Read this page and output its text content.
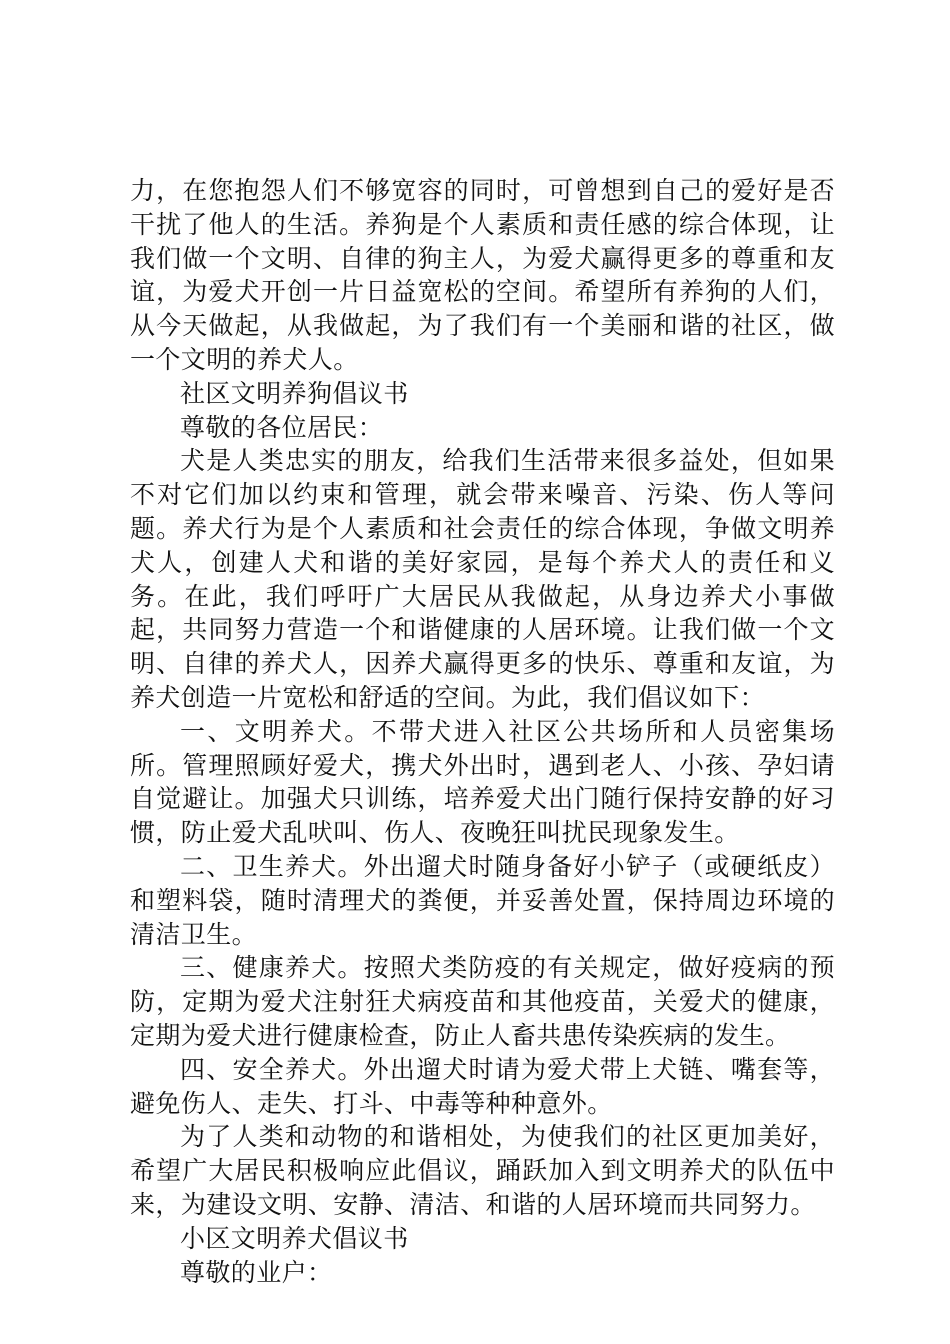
力，在您抱怨人们不够宽容的同时，可曾想到自己的爱好是否干扰了他人的生活。养狗是个人素质和责任感的综合体现，让我们做一个文明、自律的狗主人，为爱犬赢得更多的尊重和友谊，为爱犬开创一片日益宽松的空间。希望所有养狗的人们，从今天做起，从我做起，为了我们有一个美丽和谐的社区，做一个文明的养犬人。

社区文明养狗倡议书

尊敬的各位居民：

犬是人类忠实的朋友，给我们生活带来很多益处，但如果不对它们加以约束和管理，就会带来噪音、污染、伤人等问题。养犬行为是个人素质和社会责任的综合体现，争做文明养犬人，创建人犬和谐的美好家园，是每个养犬人的责任和义务。在此，我们呼吁广大居民从我做起，从身边养犬小事做起，共同努力营造一个和谐健康的人居环境。让我们做一个文明、自律的养犬人，因养犬赢得更多的快乐、尊重和友谊，为养犬创造一片宽松和舒适的空间。为此，我们倡议如下：

一、文明养犬。不带犬进入社区公共场所和人员密集场所。管理照顾好爱犬，携犬外出时，遇到老人、小孩、孕妇请自觉避让。加强犬只训练，培养爱犬出门随行保持安静的好习惯，防止爱犬乱吠叫、伤人、夜晚狂叫扰民现象发生。

二、卫生养犬。外出遛犬时随身备好小铲子（或硬纸皮）和塑料袋，随时清理犬的粪便，并妥善处置，保持周边环境的清洁卫生。

三、健康养犬。按照犬类防疫的有关规定，做好疫病的预防，定期为爱犬注射狂犬病疫苗和其他疫苗，关爱犬的健康，定期为爱犬进行健康检查，防止人畜共患传染疾病的发生。

四、安全养犬。外出遛犬时请为爱犬带上犬链、嘴套等，避免伤人、走失、打斗、中毒等种种意外。

为了人类和动物的和谐相处，为使我们的社区更加美好，希望广大居民积极响应此倡议，踊跃加入到文明养犬的队伍中来，为建设文明、安静、清洁、和谐的人居环境而共同努力。

小区文明养犬倡议书

尊敬的业户：
